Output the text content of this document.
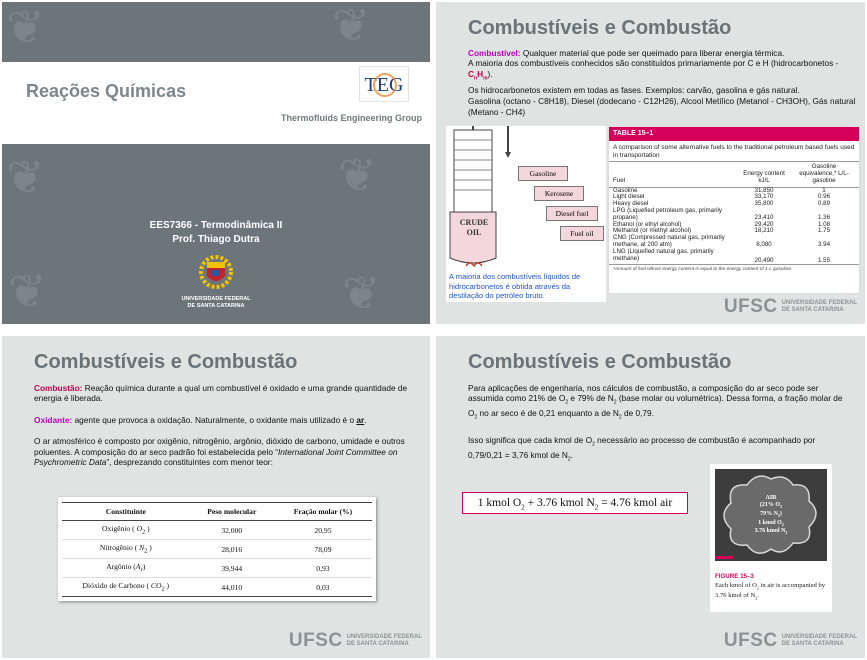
❦	❦
Reações Químicas	TEG
Thermofluids Engineering Group
❦	❦
❦	❦
EES7366 - Termodinâmica II
Prof. Thiago Dutra
UNIVERSIDADE FEDERAL
DE SANTA CATARINA
Combustíveis e Combustão
Combustível: Qualquer material que pode ser queimado para liberar energia térmica.
A maioria dos combustíveis conhecidos são constituídos primariamente por C e H (hidrocarbonetos - $C_nH_m$).
Os hidrocarbonetos existem em todas as fases. Exemplos: carvão, gasolina e gás natural.
Gasolina (octano - C8H18), Diesel (dodecano - C12H26), Alcool Metílico (Metanol - CH3OH), Gás natural (Metano - CH4)
CRUDE OIL
Gasoline
Kerosene
Diesel fuel
Fuel oil
A maioria dos combustíveis líquidos de hidrocarbonetos é obtida através da destilação do petróleo bruto.
TABLE 15–1
A comparison of some alternative fuels to the traditional petroleum based fuels used in transportation
Fuel	Energy content kJ/L	Gasoline equivalence,* L/L-gasoline
Gasoline	31,850	1
Light diesel	33,170	0.96
Heavy diesel	35,800	0.89
LPG (Liquefied petroleum gas, primarily propane)	23,410	1.36
Ethanol (or ethyl alcohol)	29,420	1.08
Methanol (or methyl alcohol)	18,210	1.75
CNG (Compressed natural gas, primarily methane, at 200 atm)	8,080	3.94
LNG (Liquefied natural gas, primarily methane)	20,490	1.55
*Amount of fuel whose energy content is equal to the energy content of 1-L gasoline.
UFSC UNIVERSIDADE FEDERAL
DE SANTA CATARINA
Combustíveis e Combustão
Combustão: Reação química durante a qual um combustível é oxidado e uma grande quantidade de energia é liberada.
Oxidante: agente que provoca a oxidação. Naturalmente, o oxidante mais utilizado é o ar.
O ar atmosférico é composto por oxigênio, nitrogênio, argônio, dióxido de carbono, umidade e outros poluentes. A composição do ar seco padrão foi estabelecida pelo “International Joint Committee on Psychrometric Data”, desprezando constituintes com menor teor:
Constituinte	Peso molecular	Fração molar (%)
Oxigênio ( $O_2$ )	32,000	20,95
Nitrogênio ( $N_2$ )	28,016	78,09
Argônio $(A_r)$	39,944	0,93
Dióxido de Carbono ( $CO_2$ )	44,010	0,03
UFSC UNIVERSIDADE FEDERAL
DE SANTA CATARINA
Combustíveis e Combustão
Para aplicações de engenharia, nos cálculos de combustão, a composição do ar seco pode ser assumida como 21% de $O_2$ e 79% de $N_2$ (base molar ou volumétrica). Dessa forma, a fração molar de $O_2$ no ar seco é de 0,21 enquanto a de $N_2$ de 0,79.
Isso significa que cada kmol de $O_2$ necessário ao processo de combustão é acompanhado por 0,79/0,21 = 3,76 kmol de $N_2$.
1 kmol $O_2 + 3.76$ kmol $N_2 = 4.76$ kmol air	AIR
(21% $O_2$
79% $N_2$)
1 kmol $O_2$
3.76 kmol $N_2$
FIGURE 15–3
Each kmol of $O_2$ in air is accompanied by 3.76 kmol of $N_2$.
UFSC UNIVERSIDADE FEDERAL
DE SANTA CATARINA
